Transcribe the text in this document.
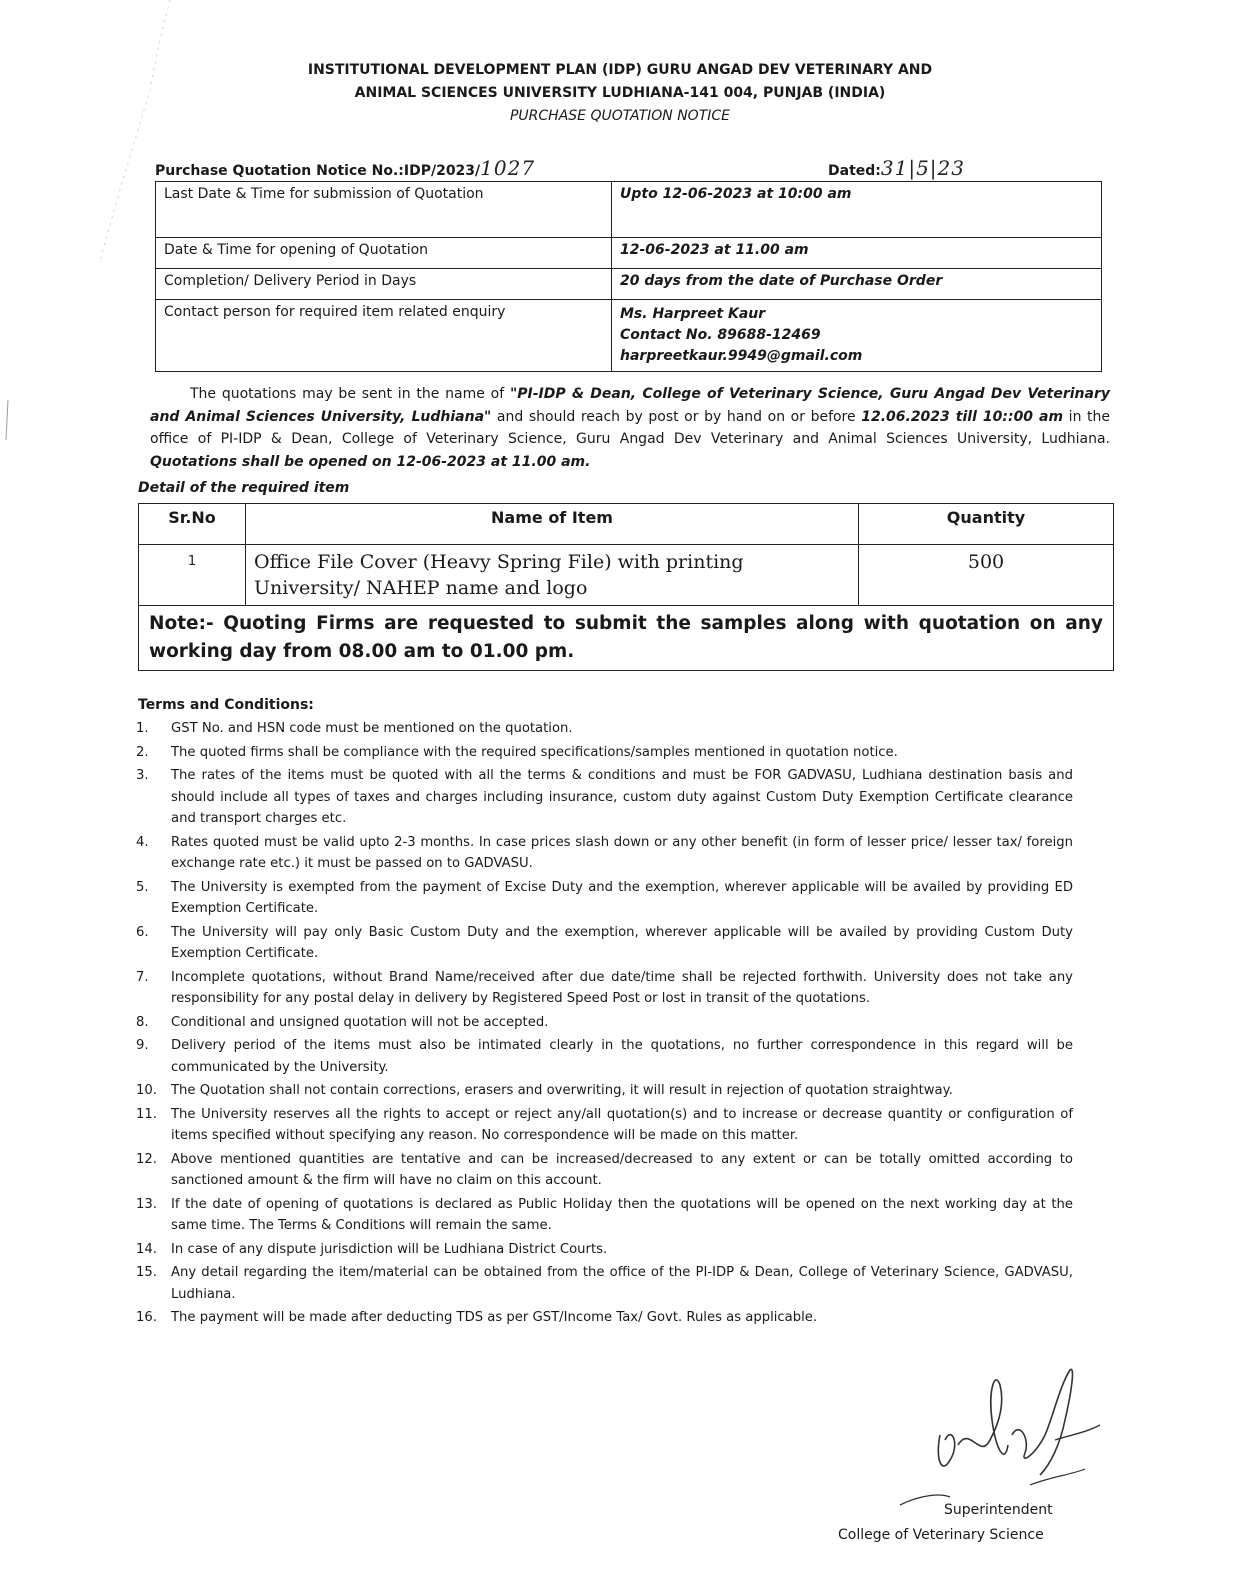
INSTITUTIONAL DEVELOPMENT PLAN (IDP) GURU ANGAD DEV VETERINARY AND
ANIMAL SCIENCES UNIVERSITY LUDHIANA-141 004, PUNJAB (INDIA)
PURCHASE QUOTATION NOTICE
Purchase Quotation Notice No.:IDP/2023/1027	Dated:31|5|23
Last Date & Time for submission of Quotation	Upto 12-06-2023 at 10:00 am
Date & Time for opening of Quotation	12-06-2023 at 11.00 am
Completion/ Delivery Period in Days	20 days from the date of Purchase Order
Contact person for required item related enquiry	Ms. Harpreet Kaur
Contact No. 89688-12469
harpreetkaur.9949@gmail.com
The quotations may be sent in the name of "PI-IDP & Dean, College of Veterinary Science, Guru Angad Dev Veterinary and Animal Sciences University, Ludhiana" and should reach by post or by hand on or before 12.06.2023 till 10::00 am in the office of PI-IDP & Dean, College of Veterinary Science, Guru Angad Dev Veterinary and Animal Sciences University, Ludhiana. Quotations shall be opened on 12-06-2023 at 11.00 am.
Detail of the required item
Sr.No	Name of Item	Quantity
1	Office File Cover (Heavy Spring File) with printing University/ NAHEP name and logo	500
Note:- Quoting Firms are requested to submit the samples along with quotation on any working day from 08.00 am to 01.00 pm.		
Terms and Conditions:
1. GST No. and HSN code must be mentioned on the quotation.
2. The quoted firms shall be compliance with the required specifications/samples mentioned in quotation notice.
3. The rates of the items must be quoted with all the terms & conditions and must be FOR GADVASU, Ludhiana destination basis and should include all types of taxes and charges including insurance, custom duty against Custom Duty Exemption Certificate clearance and transport charges etc.
4. Rates quoted must be valid upto 2-3 months. In case prices slash down or any other benefit (in form of lesser price/ lesser tax/ foreign exchange rate etc.) it must be passed on to GADVASU.
5. The University is exempted from the payment of Excise Duty and the exemption, wherever applicable will be availed by providing ED Exemption Certificate.
6. The University will pay only Basic Custom Duty and the exemption, wherever applicable will be availed by providing Custom Duty Exemption Certificate.
7. Incomplete quotations, without Brand Name/received after due date/time shall be rejected forthwith. University does not take any responsibility for any postal delay in delivery by Registered Speed Post or lost in transit of the quotations.
8. Conditional and unsigned quotation will not be accepted.
9. Delivery period of the items must also be intimated clearly in the quotations, no further correspondence in this regard will be communicated by the University.
10. The Quotation shall not contain corrections, erasers and overwriting, it will result in rejection of quotation straightway.
11. The University reserves all the rights to accept or reject any/all quotation(s) and to increase or decrease quantity or configuration of items specified without specifying any reason. No correspondence will be made on this matter.
12. Above mentioned quantities are tentative and can be increased/decreased to any extent or can be totally omitted according to sanctioned amount & the firm will have no claim on this account.
13. If the date of opening of quotations is declared as Public Holiday then the quotations will be opened on the next working day at the same time. The Terms & Conditions will remain the same.
14. In case of any dispute jurisdiction will be Ludhiana District Courts.
15. Any detail regarding the item/material can be obtained from the office of the PI-IDP & Dean, College of Veterinary Science, GADVASU, Ludhiana.
16. The payment will be made after deducting TDS as per GST/Income Tax/ Govt. Rules as applicable.
Superintendent
College of Veterinary Science
